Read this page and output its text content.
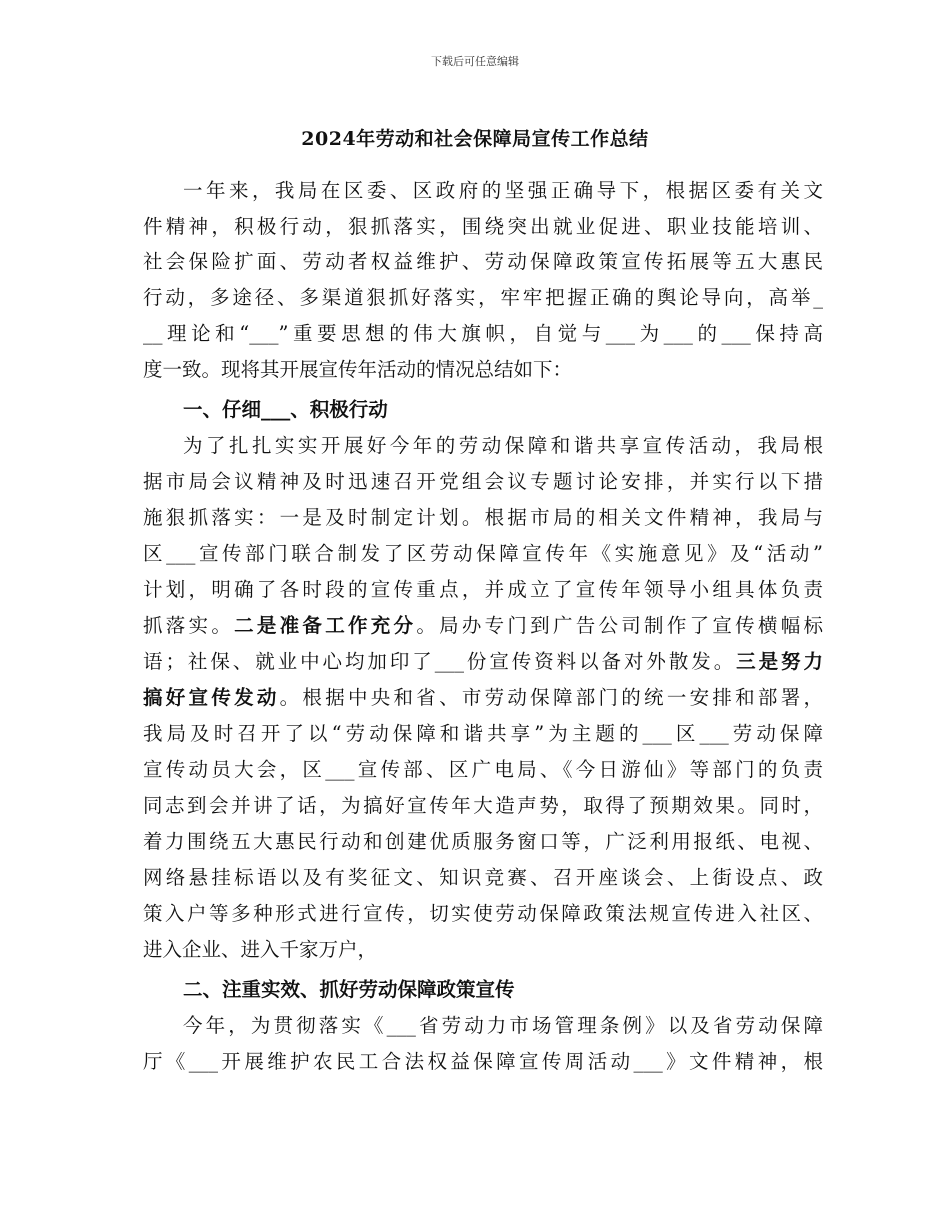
下载后可任意编辑
2024年劳动和社会保障局宣传工作总结
一年来，我局在区委、区政府的坚强正确导下，根据区委有关文
件精神，积极行动，狠抓落实，围绕突出就业促进、职业技能培训、
社会保险扩面、劳动者权益维护、劳动保障政策宣传拓展等五大惠民
行动，多途径、多渠道狠抓好落实，牢牢把握正确的舆论导向，高举_
__理论和“___”重要思想的伟大旗帜，自觉与___为___的___保持高
度一致。现将其开展宣传年活动的情况总结如下：
一、仔细___、积极行动
为了扎扎实实开展好今年的劳动保障和谐共享宣传活动，我局根
据市局会议精神及时迅速召开党组会议专题讨论安排，并实行以下措
施狠抓落实：一是及时制定计划。根据市局的相关文件精神，我局与
区___宣传部门联合制发了区劳动保障宣传年《实施意见》及“活动”
计划，明确了各时段的宣传重点，并成立了宣传年领导小组具体负责
抓落实。二是准备工作充分。局办专门到广告公司制作了宣传横幅标
语；社保、就业中心均加印了___份宣传资料以备对外散发。三是努力
搞好宣传发动。根据中央和省、市劳动保障部门的统一安排和部署，
我局及时召开了以“劳动保障和谐共享”为主题的___区___劳动保障
宣传动员大会，区___宣传部、区广电局、《今日游仙》等部门的负责
同志到会并讲了话，为搞好宣传年大造声势，取得了预期效果。同时，
着力围绕五大惠民行动和创建优质服务窗口等，广泛利用报纸、电视、
网络悬挂标语以及有奖征文、知识竞赛、召开座谈会、上街设点、政
策入户等多种形式进行宣传，切实使劳动保障政策法规宣传进入社区、
进入企业、进入千家万户，
二、注重实效、抓好劳动保障政策宣传
今年，为贯彻落实《___省劳动力市场管理条例》以及省劳动保障
厅《___开展维护农民工合法权益保障宣传周活动___》文件精神，根
